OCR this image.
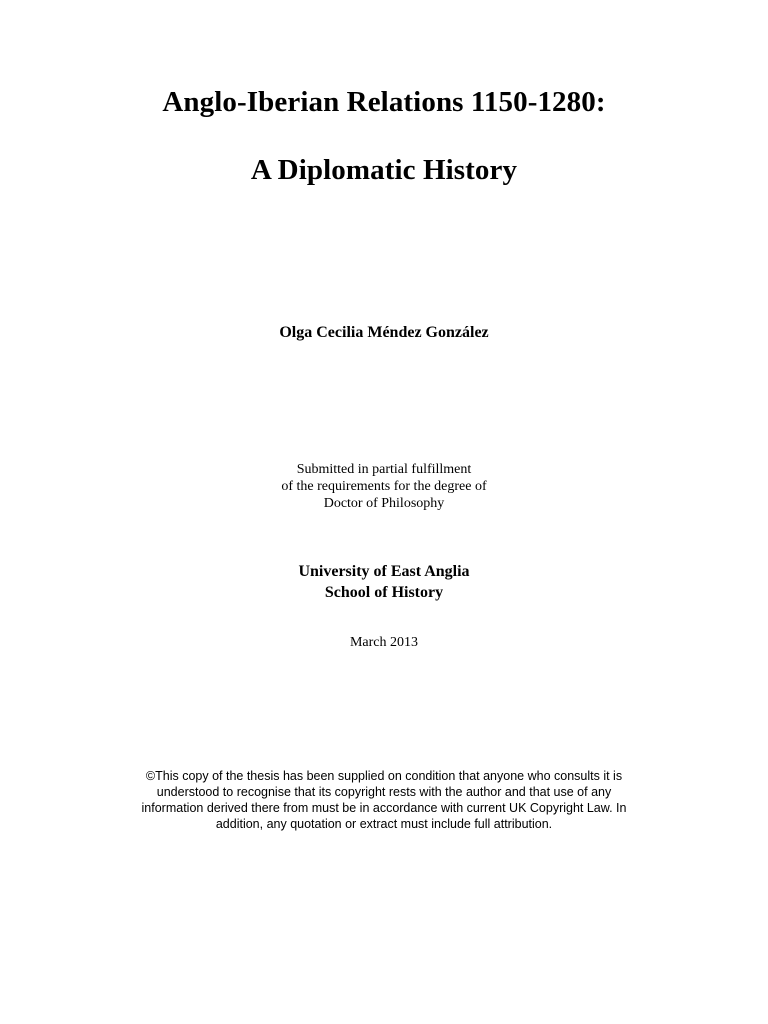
Anglo-Iberian Relations 1150-1280:
A Diplomatic History
Olga Cecilia Méndez González
Submitted in partial fulfillment
of the requirements for the degree of
Doctor of Philosophy
University of East Anglia
School of History
March 2013
©This copy of the thesis has been supplied on condition that anyone who consults it is
understood to recognise that its copyright rests with the author and that use of any
information derived there from must be in accordance with current UK Copyright Law. In
addition, any quotation or extract must include full attribution.
